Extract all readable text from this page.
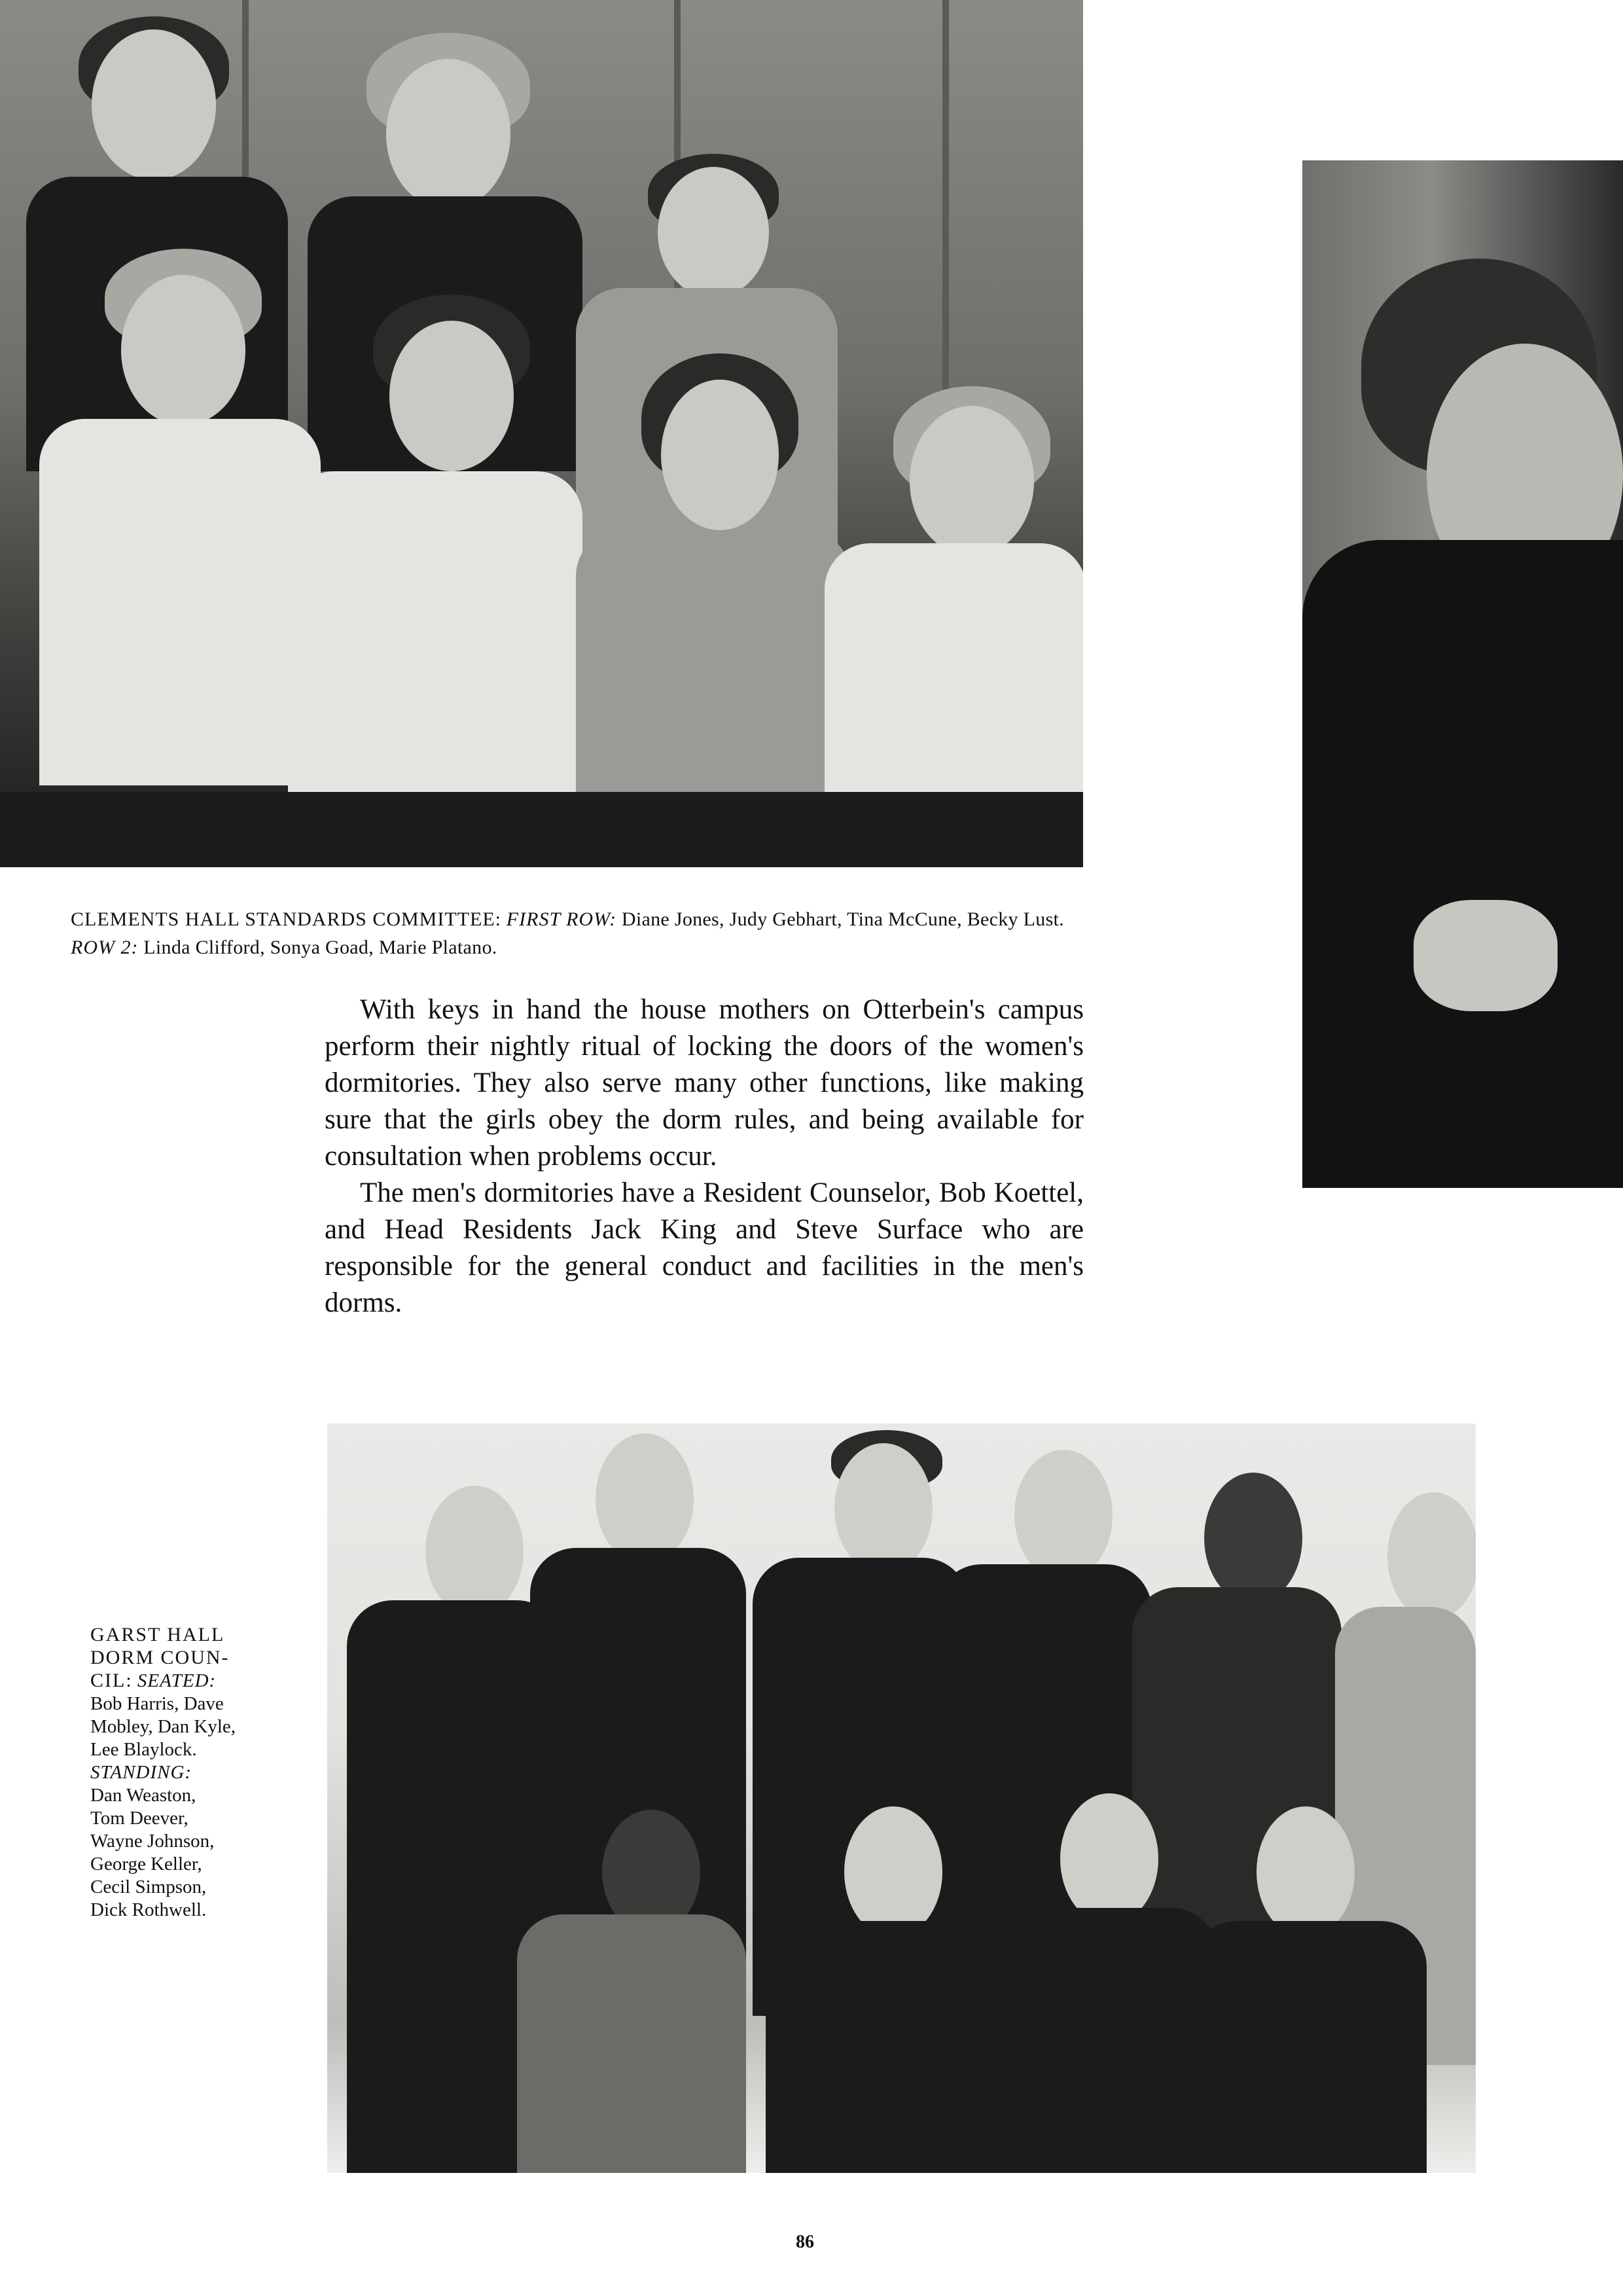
CLEMENTS HALL STANDARDS COMMITTEE: FIRST ROW: Diane Jones, Judy Gebhart, Tina McCune, Becky Lust. ROW 2: Linda Clifford, Sonya Goad, Marie Platano.

With keys in hand the house mothers on Otterbein's campus perform their nightly ritual of locking the doors of the women's dormitories. They also serve many other functions, like making sure that the girls obey the dorm rules, and being available for consultation when problems occur.

The men's dormitories have a Resident Counselor, Bob Koettel, and Head Residents Jack King and Steve Surface who are responsible for the general conduct and facilities in the men's dorms.

GARST HALL
DORM COUN-
CIL: SEATED:
Bob Harris, Dave
Mobley, Dan Kyle,
Lee Blaylock.
STANDING:
Dan Weaston,
Tom Deever,
Wayne Johnson,
George Keller,
Cecil Simpson,
Dick Rothwell.
86
